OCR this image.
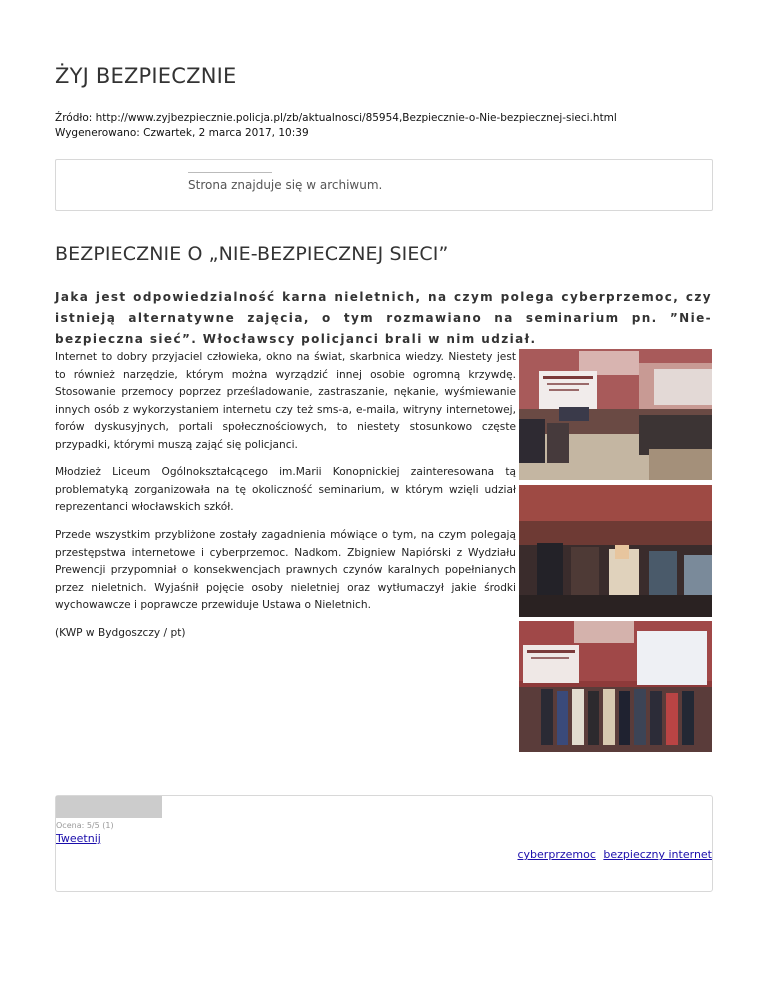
ŻYJ BEZPIECZNIE
Źródło: http://www.zyjbezpiecznie.policja.pl/zb/aktualnosci/85954,Bezpiecznie-o-Nie-bezpiecznej-sieci.html
Wygenerowano: Czwartek, 2 marca 2017, 10:39
Strona znajduje się w archiwum.
BEZPIECZNIE O „NIE-BEZPIECZNEJ SIECI”

Jaka jest odpowiedzialność karna nieletnich, na czym polega cyberprzemoc, czy istnieją alternatywne zajęcia, o tym rozmawiano na seminarium pn. ”Nie-bezpieczna sieć”. Włocławscy policjanci brali w nim udział.

Internet to dobry przyjaciel człowieka, okno na świat, skarbnica wiedzy. Niestety jest to również narzędzie, którym można wyrządzić innej osobie ogromną krzywdę. Stosowanie przemocy poprzez prześladowanie, zastraszanie, nękanie, wyśmiewanie innych osób z wykorzystaniem internetu czy też sms-a, e-maila, witryny internetowej, forów dyskusyjnych, portali społecznościowych, to niestety stosunkowo częste przypadki, którymi muszą zająć się policjanci.

Młodzież Liceum Ogólnokształcącego im.Marii Konopnickiej zainteresowana tą problematyką zorganizowała na tę okoliczność seminarium, w którym wzięli udział reprezentanci włocławskich szkół.

Przede wszystkim przybliżone zostały zagadnienia mówiące o tym, na czym polegają przestępstwa internetowe i cyberprzemoc. Nadkom. Zbigniew Napiórski z Wydziału Prewencji przypomniał o konsekwencjach prawnych czynów karalnych popełnianych przez nieletnich. Wyjaśnił pojęcie osoby nieletniej oraz wytłumaczył jakie środki wychowawcze i poprawcze przewiduje Ustawa o Nieletnich.

(KWP w Bydgoszczy / pt)

Ocena: 5/5 (1)
Tweetnij
cyberprzemoc bezpieczny internet
